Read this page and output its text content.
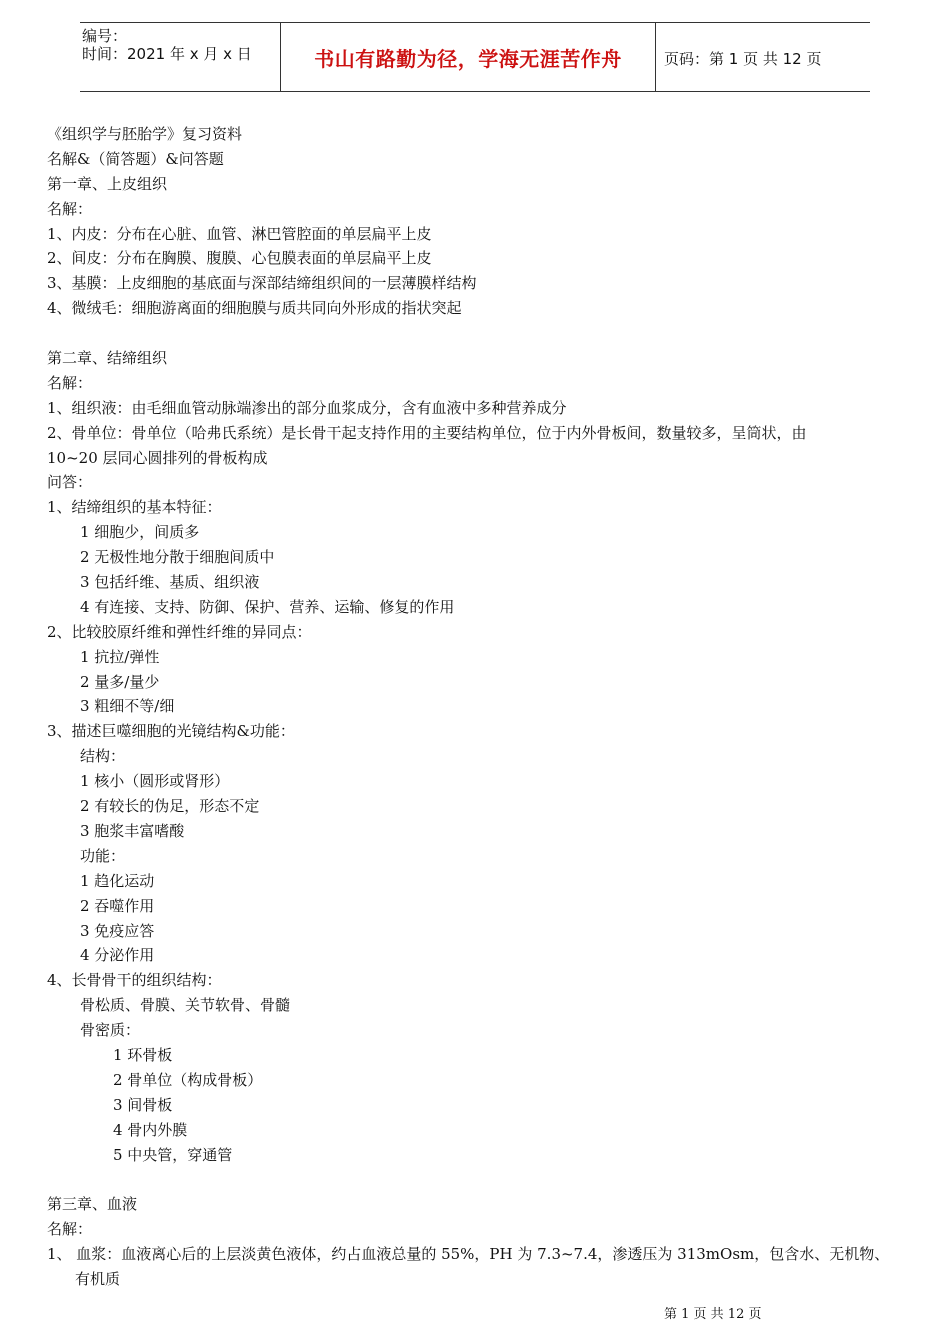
编号：
时间：2021 年 x 月 x 日	书山有路勤为径，学海无涯苦作舟	页码：第 1 页 共 12 页
《组织学与胚胎学》复习资料
名解&（简答题）&问答题
第一章、上皮组织
名解：
1、内皮：分布在心脏、血管、淋巴管腔面的单层扁平上皮
2、间皮：分布在胸膜、腹膜、心包膜表面的单层扁平上皮
3、基膜：上皮细胞的基底面与深部结缔组织间的一层薄膜样结构
4、微绒毛：细胞游离面的细胞膜与质共同向外形成的指状突起
第二章、结缔组织
名解：
1、组织液：由毛细血管动脉端渗出的部分血浆成分，含有血液中多种营养成分
2、骨单位：骨单位（哈弗氏系统）是长骨干起支持作用的主要结构单位，位于内外骨板间，数量较多，呈筒状，由
10~20 层同心圆排列的骨板构成
问答：
1、结缔组织的基本特征：
1 细胞少，间质多
2 无极性地分散于细胞间质中
3 包括纤维、基质、组织液
4 有连接、支持、防御、保护、营养、运输、修复的作用
2、比较胶原纤维和弹性纤维的异同点：
1 抗拉/弹性
2 量多/量少
3 粗细不等/细
3、描述巨噬细胞的光镜结构&功能：
结构：
1 核小（圆形或肾形）
2 有较长的伪足，形态不定
3 胞浆丰富嗜酸
功能：
1 趋化运动
2 吞噬作用
3 免疫应答
4 分泌作用
4、长骨骨干的组织结构：
骨松质、骨膜、关节软骨、骨髓
骨密质：
1 环骨板
2 骨单位（构成骨板）
3 间骨板
4 骨内外膜
5 中央管，穿通管
第三章、血液
名解：
1、 血浆：血液离心后的上层淡黄色液体，约占血液总量的 55%，PH 为 7.3~7.4，渗透压为 313mOsm，包含水、无机物、
有机质
第 1 页 共 12 页
